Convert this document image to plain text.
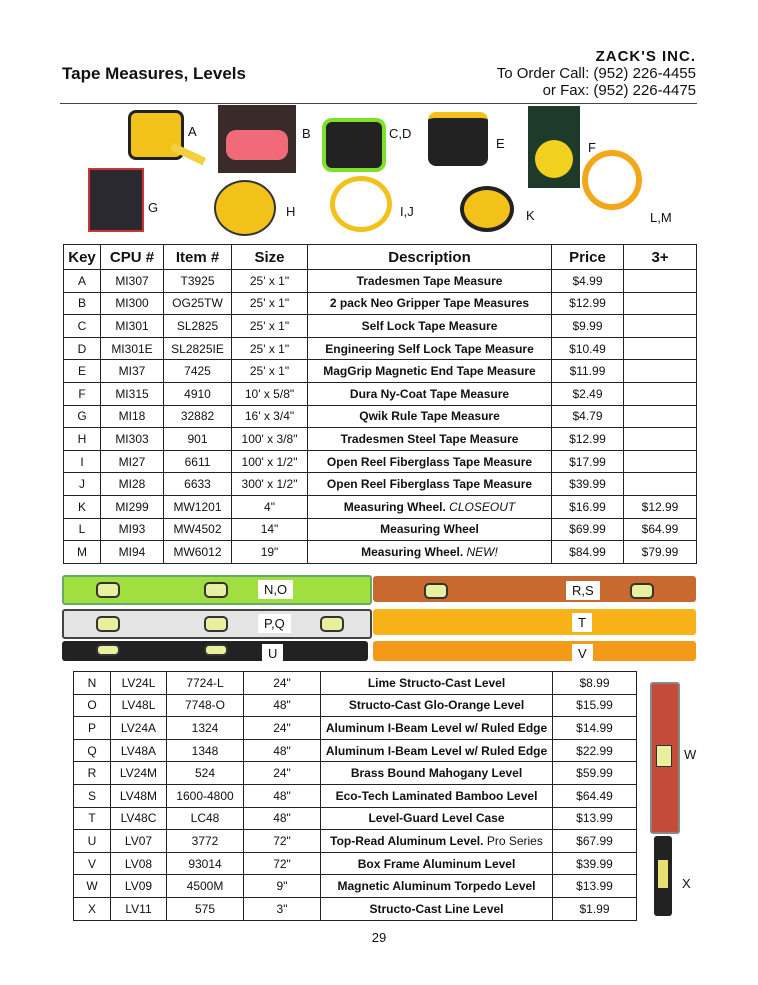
Tape Measures, Levels
ZACK'S INC.
To Order Call: (952) 226-4455
or Fax: (952) 226-4475
A	B	C,D
E	F
G	H	I,J	K	L,M
Key	CPU #	Item #	Size	Description	Price	3+
A	MI307	T3925	25' x 1"	Tradesmen Tape Measure	$4.99	
B	MI300	OG25TW	25' x 1"	2 pack Neo Gripper Tape Measures	$12.99	
C	MI301	SL2825	25' x 1"	Self Lock Tape Measure	$9.99	
D	MI301E	SL2825IE	25' x 1"	Engineering Self Lock Tape Measure	$10.49	
E	MI37	7425	25' x 1"	MagGrip Magnetic End Tape Measure	$11.99	
F	MI315	4910	10' x 5/8"	Dura Ny-Coat Tape Measure	$2.49	
G	MI18	32882	16' x 3/4"	Qwik Rule Tape Measure	$4.79	
H	MI303	901	100' x 3/8"	Tradesmen Steel Tape Measure	$12.99	
I	MI27	6611	100' x 1/2"	Open Reel Fiberglass Tape Measure	$17.99	
J	MI28	6633	300' x 1/2"	Open Reel Fiberglass Tape Measure	$39.99	
K	MI299	MW1201	4"	Measuring Wheel. CLOSEOUT	$16.99	$12.99
L	MI93	MW4502	14"	Measuring Wheel	$69.99	$64.99
M	MI94	MW6012	19"	Measuring Wheel. NEW!	$84.99	$79.99
N,O
P,Q
U
R,S
T
V
W
X
N	LV24L	7724-L	24"	Lime Structo-Cast Level	$8.99
O	LV48L	7748-O	48"	Structo-Cast Glo-Orange Level	$15.99
P	LV24A	1324	24"	Aluminum I-Beam Level w/ Ruled Edge	$14.99
Q	LV48A	1348	48"	Aluminum I-Beam Level w/ Ruled Edge	$22.99
R	LV24M	524	24"	Brass Bound Mahogany Level	$59.99
S	LV48M	1600-4800	48"	Eco-Tech Laminated Bamboo Level	$64.49
T	LV48C	LC48	48"	Level-Guard Level Case	$13.99
U	LV07	3772	72"	Top-Read Aluminum Level. Pro Series	$67.99
V	LV08	93014	72"	Box Frame Aluminum Level	$39.99
W	LV09	4500M	9"	Magnetic Aluminum Torpedo Level	$13.99
X	LV11	575	3"	Structo-Cast Line Level	$1.99
29
